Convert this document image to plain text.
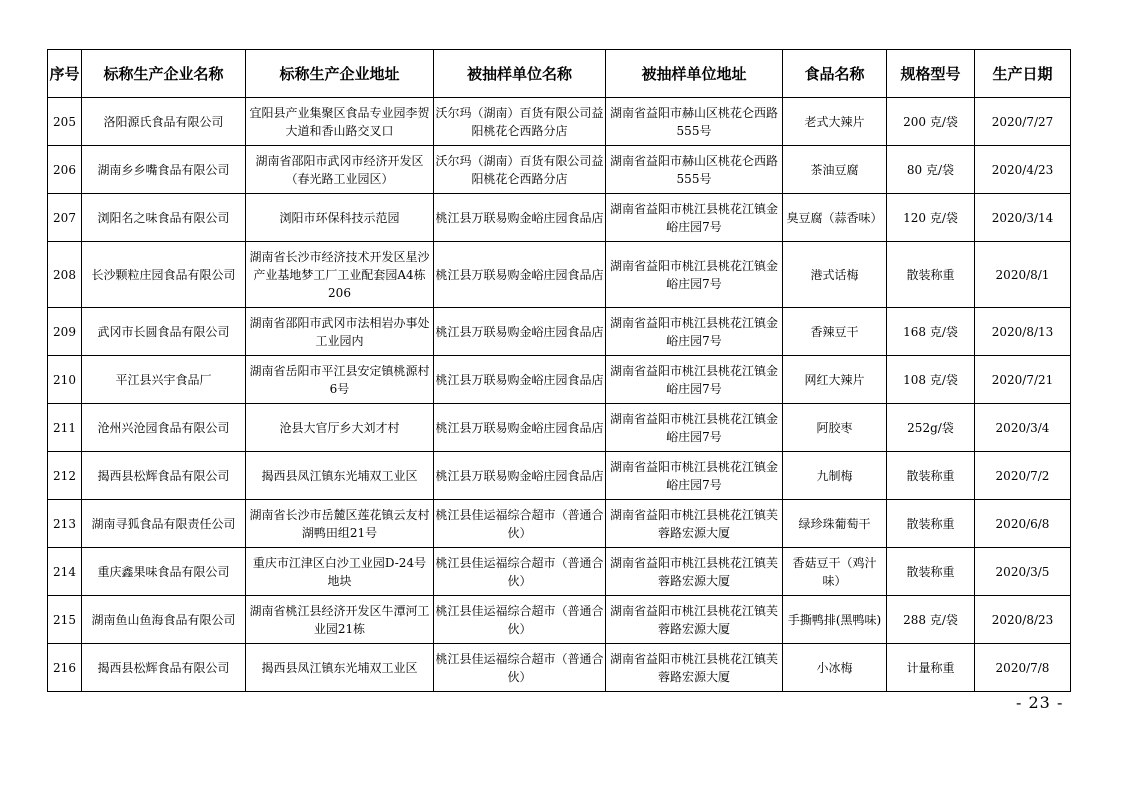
序号	标称生产企业名称	标称生产企业地址	被抽样单位名称	被抽样单位地址	食品名称	规格型号	生产日期
205	洛阳源氏食品有限公司	宜阳县产业集聚区食品专业园李贺大道和香山路交叉口	沃尔玛（湖南）百货有限公司益阳桃花仑西路分店	湖南省益阳市赫山区桃花仑西路555号	老式大辣片	200 克/袋	2020/7/27
206	湖南乡乡嘴食品有限公司	湖南省邵阳市武冈市经济开发区（春光路工业园区）	沃尔玛（湖南）百货有限公司益阳桃花仑西路分店	湖南省益阳市赫山区桃花仑西路555号	茶油豆腐	80 克/袋	2020/4/23
207	浏阳名之味食品有限公司	浏阳市环保科技示范园	桃江县万联易购金峪庄园食品店	湖南省益阳市桃江县桃花江镇金峪庄园7号	臭豆腐（蒜香味）	120 克/袋	2020/3/14
208	长沙颗粒庄园食品有限公司	湖南省长沙市经济技术开发区星沙产业基地梦工厂工业配套园A4栋206	桃江县万联易购金峪庄园食品店	湖南省益阳市桃江县桃花江镇金峪庄园7号	港式话梅	散装称重	2020/8/1
209	武冈市长圆食品有限公司	湖南省邵阳市武冈市法相岩办事处工业园内	桃江县万联易购金峪庄园食品店	湖南省益阳市桃江县桃花江镇金峪庄园7号	香辣豆干	168 克/袋	2020/8/13
210	平江县兴宇食品厂	湖南省岳阳市平江县安定镇桃源村6号	桃江县万联易购金峪庄园食品店	湖南省益阳市桃江县桃花江镇金峪庄园7号	网红大辣片	108 克/袋	2020/7/21
211	沧州兴沧园食品有限公司	沧县大官厅乡大刘才村	桃江县万联易购金峪庄园食品店	湖南省益阳市桃江县桃花江镇金峪庄园7号	阿胶枣	252g/袋	2020/3/4
212	揭西县松辉食品有限公司	揭西县凤江镇东光埔双工业区	桃江县万联易购金峪庄园食品店	湖南省益阳市桃江县桃花江镇金峪庄园7号	九制梅	散装称重	2020/7/2
213	湖南寻狐食品有限责任公司	湖南省长沙市岳麓区莲花镇云友村湖鸭田组21号	桃江县佳运福综合超市（普通合伙）	湖南省益阳市桃江县桃花江镇芙蓉路宏源大厦	绿珍珠葡萄干	散装称重	2020/6/8
214	重庆鑫果味食品有限公司	重庆市江津区白沙工业园D-24号地块	桃江县佳运福综合超市（普通合伙）	湖南省益阳市桃江县桃花江镇芙蓉路宏源大厦	香菇豆干（鸡汁味）	散装称重	2020/3/5
215	湖南鱼山鱼海食品有限公司	湖南省桃江县经济开发区牛潭河工业园21栋	桃江县佳运福综合超市（普通合伙）	湖南省益阳市桃江县桃花江镇芙蓉路宏源大厦	手撕鸭排(黑鸭味)	288 克/袋	2020/8/23
216	揭西县松辉食品有限公司	揭西县凤江镇东光埔双工业区	桃江县佳运福综合超市（普通合伙）	湖南省益阳市桃江县桃花江镇芙蓉路宏源大厦	小冰梅	计量称重	2020/7/8
- 23 -
